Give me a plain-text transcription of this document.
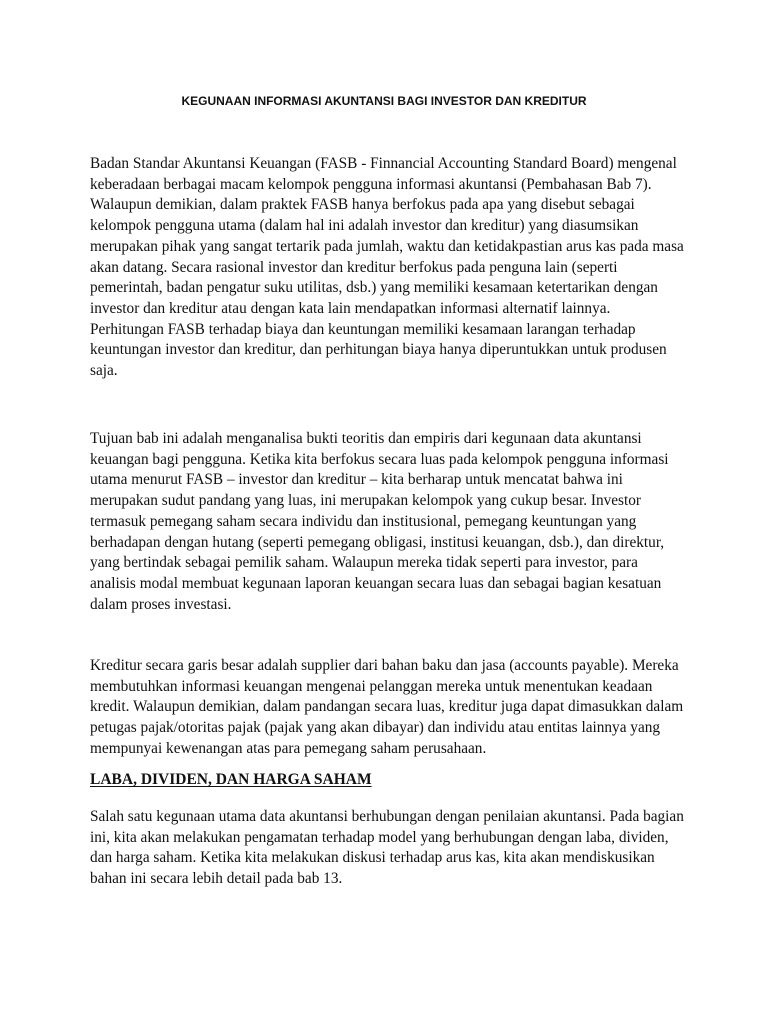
KEGUNAAN INFORMASI AKUNTANSI BAGI INVESTOR DAN KREDITUR

Badan Standar Akuntansi Keuangan (FASB - Finnancial Accounting Standard Board) mengenal
keberadaan berbagai macam kelompok pengguna informasi akuntansi (Pembahasan Bab 7).
Walaupun demikian, dalam praktek FASB hanya berfokus pada apa yang disebut sebagai
kelompok pengguna utama (dalam hal ini adalah investor dan kreditur) yang diasumsikan
merupakan pihak yang sangat tertarik pada jumlah, waktu dan ketidakpastian arus kas pada masa
akan datang. Secara rasional investor dan kreditur berfokus pada penguna lain (seperti
pemerintah, badan pengatur suku utilitas, dsb.) yang memiliki kesamaan ketertarikan dengan
investor dan kreditur atau dengan kata lain mendapatkan informasi alternatif lainnya.
Perhitungan FASB terhadap biaya dan keuntungan memiliki kesamaan larangan terhadap
keuntungan investor dan kreditur, dan perhitungan biaya hanya diperuntukkan untuk produsen
saja.

Tujuan bab ini adalah menganalisa bukti teoritis dan empiris dari kegunaan data akuntansi
keuangan bagi pengguna. Ketika kita berfokus secara luas pada kelompok pengguna informasi
utama menurut FASB – investor dan kreditur – kita berharap untuk mencatat bahwa ini
merupakan sudut pandang yang luas, ini merupakan kelompok yang cukup besar. Investor
termasuk pemegang saham secara individu dan institusional, pemegang keuntungan yang
berhadapan dengan hutang (seperti pemegang obligasi, institusi keuangan, dsb.), dan direktur,
yang bertindak sebagai pemilik saham. Walaupun mereka tidak seperti para investor, para
analisis modal membuat kegunaan laporan keuangan secara luas dan sebagai bagian kesatuan
dalam proses investasi.

Kreditur secara garis besar adalah supplier dari bahan baku dan jasa (accounts payable). Mereka
membutuhkan informasi keuangan mengenai pelanggan mereka untuk menentukan keadaan
kredit. Walaupun demikian, dalam pandangan secara luas, kreditur juga dapat dimasukkan dalam
petugas pajak/otoritas pajak (pajak yang akan dibayar) dan individu atau entitas lainnya yang
mempunyai kewenangan atas para pemegang saham perusahaan.

LABA, DIVIDEN, DAN HARGA SAHAM

Salah satu kegunaan utama data akuntansi berhubungan dengan penilaian akuntansi. Pada bagian
ini, kita akan melakukan pengamatan terhadap model yang berhubungan dengan laba, dividen,
dan harga saham. Ketika kita melakukan diskusi terhadap arus kas, kita akan mendiskusikan
bahan ini secara lebih detail pada bab 13.
